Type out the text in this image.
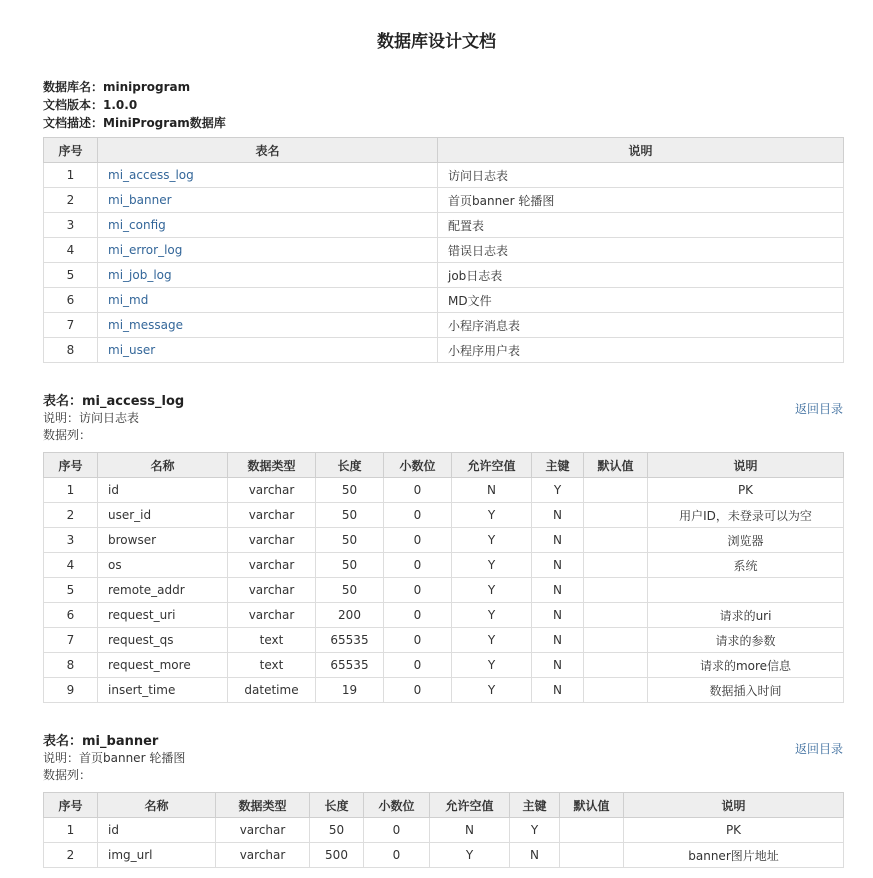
数据库设计文档
数据库名：miniprogram
文档版本：1.0.0
文档描述：MiniProgram数据库
序号	表名	说明
1	mi_access_log	访问日志表
2	mi_banner	首页banner 轮播图
3	mi_config	配置表
4	mi_error_log	错误日志表
5	mi_job_log	job日志表
6	mi_md	MD文件
7	mi_message	小程序消息表
8	mi_user	小程序用户表
表名：mi_access_log
说明：访问日志表
数据列：
返回目录
序号	名称	数据类型	长度	小数位	允许空值	主键	默认值	说明
1	id	varchar	50	0	N	Y		PK
2	user_id	varchar	50	0	Y	N		用户ID，未登录可以为空
3	browser	varchar	50	0	Y	N		浏览器
4	os	varchar	50	0	Y	N		系统
5	remote_addr	varchar	50	0	Y	N		
6	request_uri	varchar	200	0	Y	N		请求的uri
7	request_qs	text	65535	0	Y	N		请求的参数
8	request_more	text	65535	0	Y	N		请求的more信息
9	insert_time	datetime	19	0	Y	N		数据插入时间
表名：mi_banner
说明：首页banner 轮播图
数据列：
返回目录
序号	名称	数据类型	长度	小数位	允许空值	主键	默认值	说明
1	id	varchar	50	0	N	Y		PK
2	img_url	varchar	500	0	Y	N		banner图片地址
